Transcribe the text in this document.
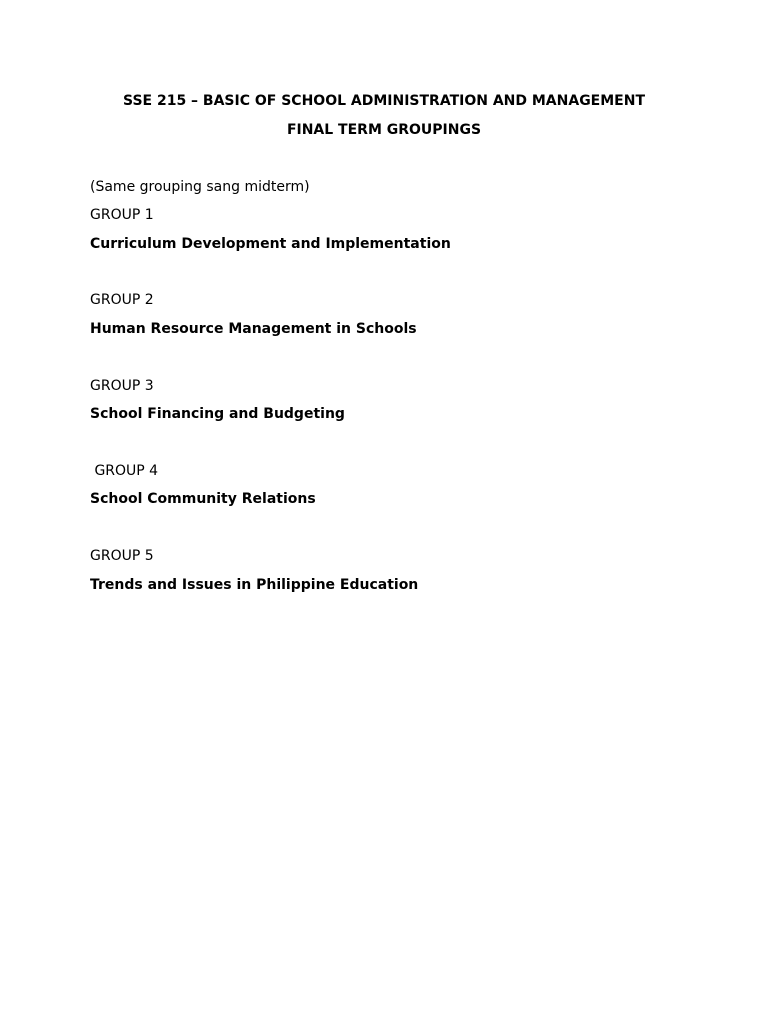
SSE 215 – BASIC OF SCHOOL ADMINISTRATION AND MANAGEMENT
FINAL TERM GROUPINGS
(Same grouping sang midterm)
GROUP 1
Curriculum Development and Implementation
GROUP 2
Human Resource Management in Schools
GROUP 3
School Financing and Budgeting
GROUP 4
School Community Relations
GROUP 5
Trends and Issues in Philippine Education
